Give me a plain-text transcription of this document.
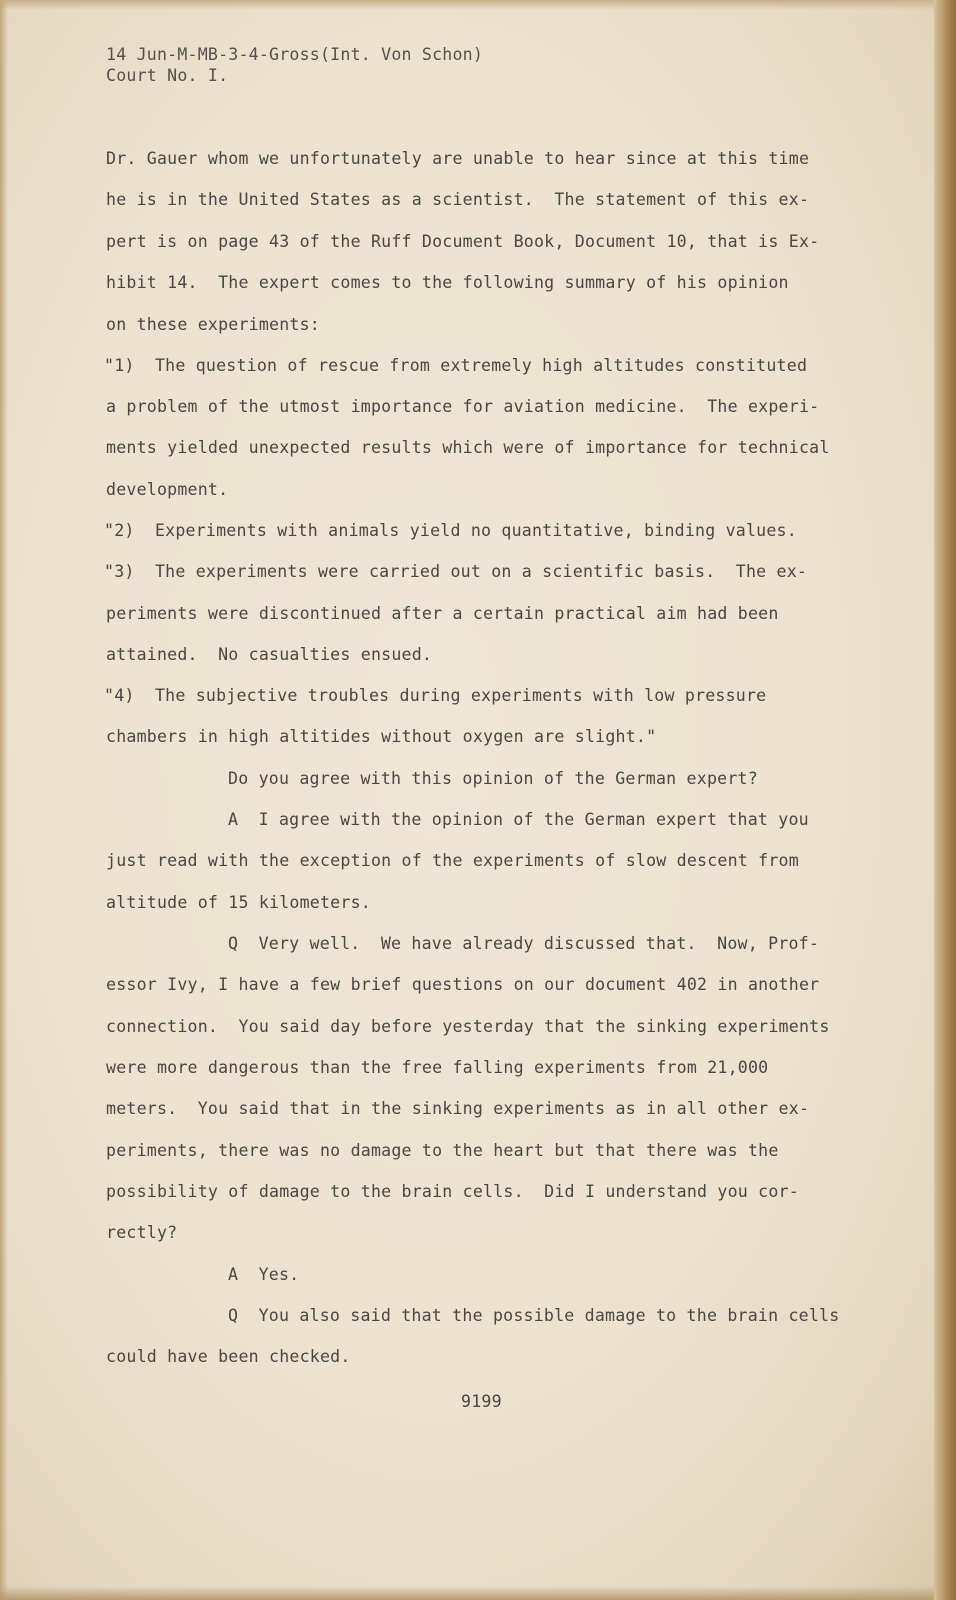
14 Jun-M-MB-3-4-Gross(Int. Von Schon)

Court No. I.

Dr. Gauer whom we unfortunately are unable to hear since at this time

he is in the United States as a scientist.  The statement of this ex-

pert is on page 43 of the Ruff Document Book, Document 10, that is Ex-

hibit 14.  The expert comes to the following summary of his opinion

on these experiments:

"1)  The question of rescue from extremely high altitudes constituted

a problem of the utmost importance for aviation medicine.  The experi-

ments yielded unexpected results which were of importance for technical

development.

"2)  Experiments with animals yield no quantitative, binding values.

"3)  The experiments were carried out on a scientific basis.  The ex-

periments were discontinued after a certain practical aim had been

attained.  No casualties ensued.

"4)  The subjective troubles during experiments with low pressure

chambers in high altitides without oxygen are slight."

Do you agree with this opinion of the German expert?

A  I agree with the opinion of the German expert that you

just read with the exception of the experiments of slow descent from

altitude of 15 kilometers.

Q  Very well.  We have already discussed that.  Now, Prof-

essor Ivy, I have a few brief questions on our document 402 in another

connection.  You said day before yesterday that the sinking experiments

were more dangerous than the free falling experiments from 21,000

meters.  You said that in the sinking experiments as in all other ex-

periments, there was no damage to the heart but that there was the

possibility of damage to the brain cells.  Did I understand you cor-

rectly?

A  Yes.

Q  You also said that the possible damage to the brain cells

could have been checked.

9199
